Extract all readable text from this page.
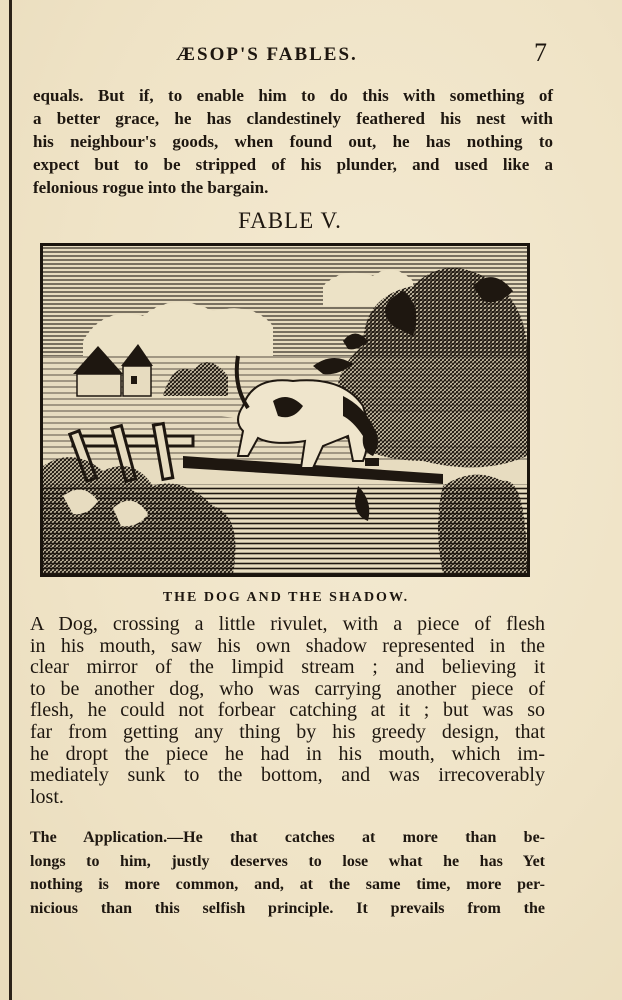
ÆSOP'S FABLES.	7
equals. But if, to enable him to do this with something of
a better grace, he has clandestinely feathered his nest with
his neighbour's goods, when found out, he has nothing to
expect but to be stripped of his plunder, and used like a
felonious rogue into the bargain.
FABLE V.
THE DOG AND THE SHADOW.
A Dog, crossing a little rivulet, with a piece of flesh
in his mouth, saw his own shadow represented in the
clear mirror of the limpid stream ; and believing it
to be another dog, who was carrying another piece of
flesh, he could not forbear catching at it ; but was so
far from getting any thing by his greedy design, that
he dropt the piece he had in his mouth, which im-
mediately sunk to the bottom, and was irrecoverably
lost.
The Application.—He that catches at more than be-
longs to him, justly deserves to lose what he has Yet
nothing is more common, and, at the same time, more per-
nicious than this selfish principle. It prevails from the
